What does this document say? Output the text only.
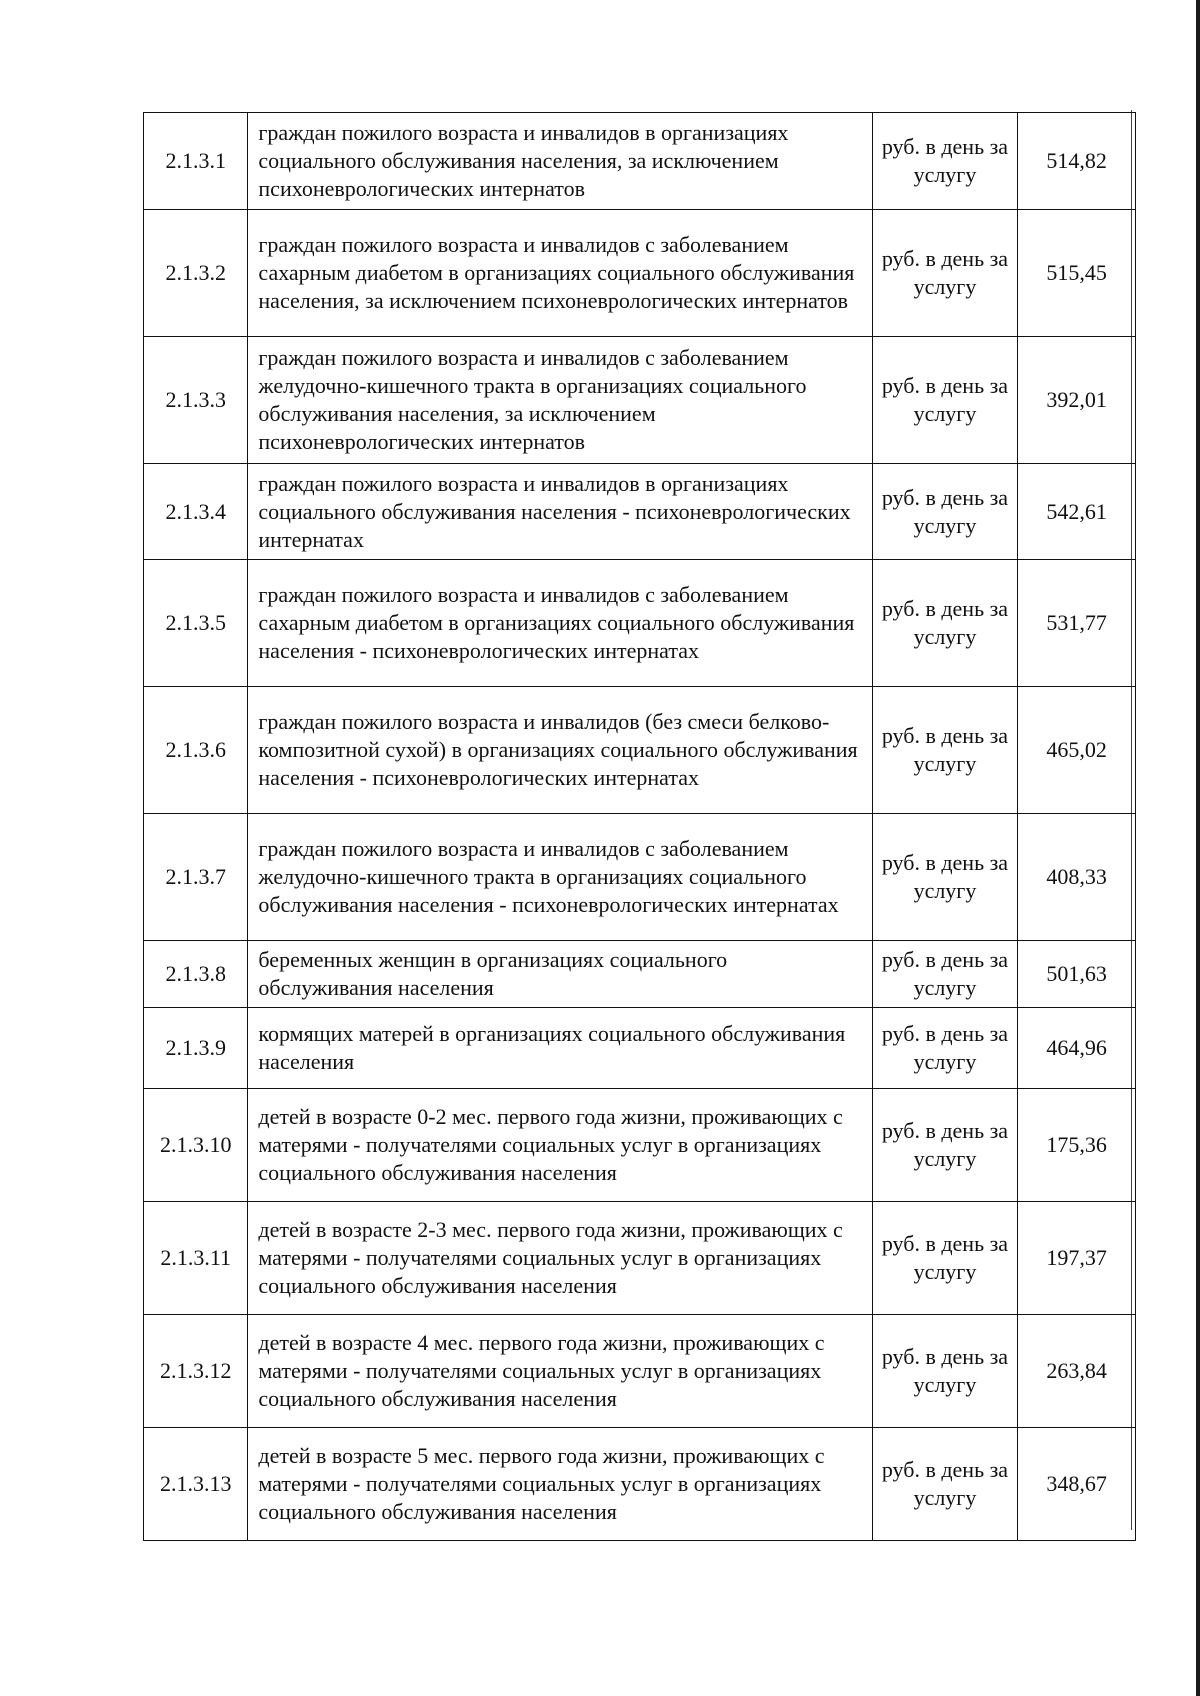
2.1.3.1	граждан пожилого возраста и инвалидов в организациях социального обслуживания населения, за исключением психоневрологических интернатов	руб. в день за услугу	514,82
2.1.3.2	граждан пожилого возраста и инвалидов с заболеванием сахарным диабетом в организациях социального обслуживания населения, за исключением психоневрологических интернатов	руб. в день за услугу	515,45
2.1.3.3	граждан пожилого возраста и инвалидов с заболеванием желудочно-кишечного тракта в организациях социального обслуживания населения, за исключением психоневрологических интернатов	руб. в день за услугу	392,01
2.1.3.4	граждан пожилого возраста и инвалидов в организациях социального обслуживания населения - психоневрологических интернатах	руб. в день за услугу	542,61
2.1.3.5	граждан пожилого возраста и инвалидов с заболеванием сахарным диабетом в организациях социального обслуживания населения - психоневрологических интернатах	руб. в день за услугу	531,77
2.1.3.6	граждан пожилого возраста и инвалидов (без смеси белково-композитной сухой) в организациях социального обслуживания населения - психоневрологических интернатах	руб. в день за услугу	465,02
2.1.3.7	граждан пожилого возраста и инвалидов с заболеванием желудочно-кишечного тракта в организациях социального обслуживания населения - психоневрологических интернатах	руб. в день за услугу	408,33
2.1.3.8	беременных женщин в организациях социального обслуживания населения	руб. в день за услугу	501,63
2.1.3.9	кормящих матерей в организациях социального обслуживания населения	руб. в день за услугу	464,96
2.1.3.10	детей в возрасте 0-2 мес. первого года жизни, проживающих с матерями - получателями социальных услуг в организациях социального обслуживания населения	руб. в день за услугу	175,36
2.1.3.11	детей в возрасте 2-3 мес. первого года жизни, проживающих с матерями - получателями социальных услуг в организациях социального обслуживания населения	руб. в день за услугу	197,37
2.1.3.12	детей в возрасте 4 мес. первого года жизни, проживающих с матерями - получателями социальных услуг в организациях социального обслуживания населения	руб. в день за услугу	263,84
2.1.3.13	детей в возрасте 5 мес. первого года жизни, проживающих с матерями - получателями социальных услуг в организациях социального обслуживания населения	руб. в день за услугу	348,67
